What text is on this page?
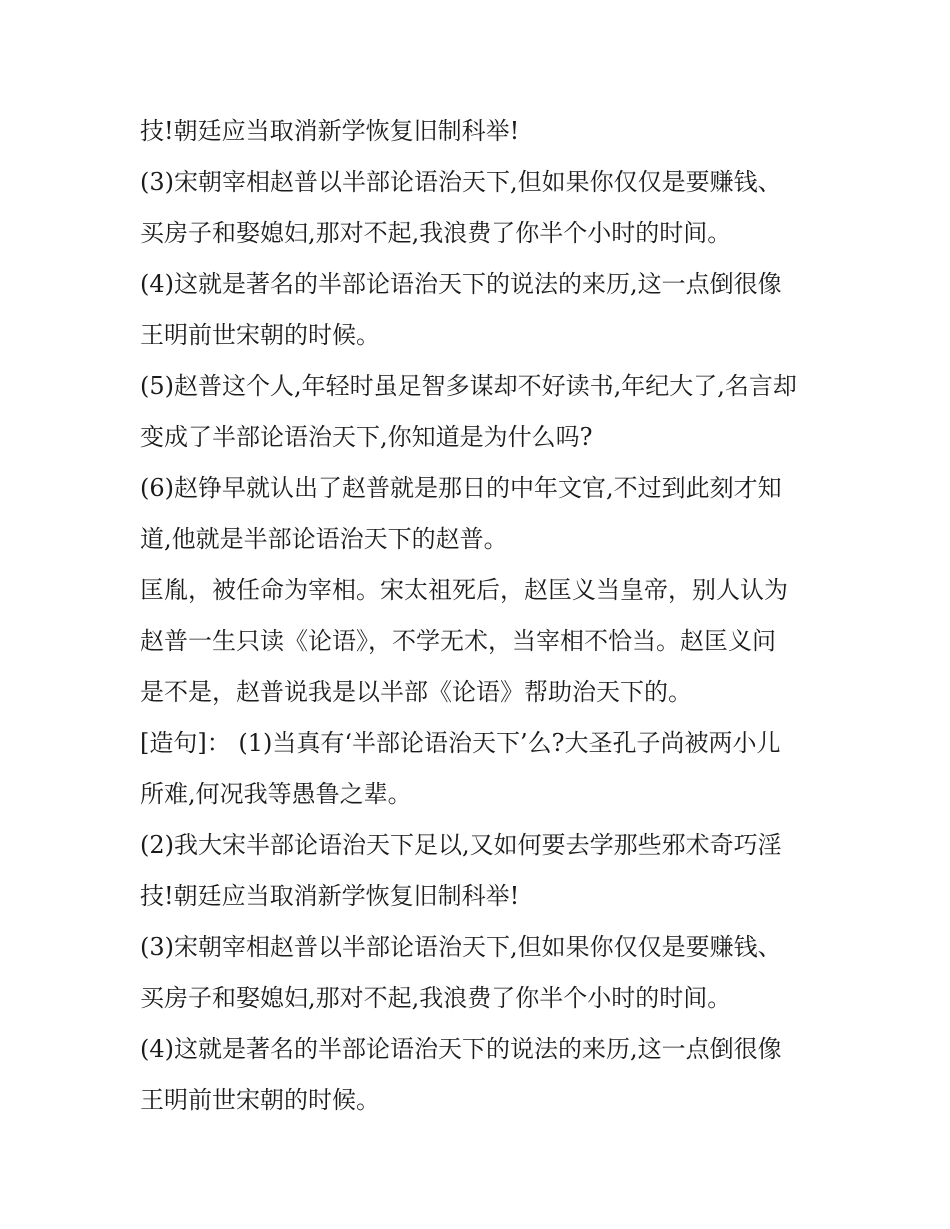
技!朝廷应当取消新学恢复旧制科举!
(3)宋朝宰相赵普以半部论语治天下,但如果你仅仅是要赚钱、
买房子和娶媳妇,那对不起,我浪费了你半个小时的时间。
(4)这就是著名的半部论语治天下的说法的来历,这一点倒很像
王明前世宋朝的时候。
(5)赵普这个人,年轻时虽足智多谋却不好读书,年纪大了,名言却
变成了半部论语治天下,你知道是为什么吗?
(6)赵铮早就认出了赵普就是那日的中年文官,不过到此刻才知
道,他就是半部论语治天下的赵普。
匡胤，被任命为宰相。宋太祖死后，赵匡义当皇帝，别人认为
赵普一生只读《论语》，不学无术，当宰相不恰当。赵匡义问
是不是，赵普说我是以半部《论语》帮助治天下的。
[造句]： (1)当真有‘半部论语治天下’么?大圣孔子尚被两小儿
所难,何况我等愚鲁之辈。
(2)我大宋半部论语治天下足以,又如何要去学那些邪术奇巧淫
技!朝廷应当取消新学恢复旧制科举!
(3)宋朝宰相赵普以半部论语治天下,但如果你仅仅是要赚钱、
买房子和娶媳妇,那对不起,我浪费了你半个小时的时间。
(4)这就是著名的半部论语治天下的说法的来历,这一点倒很像
王明前世宋朝的时候。
